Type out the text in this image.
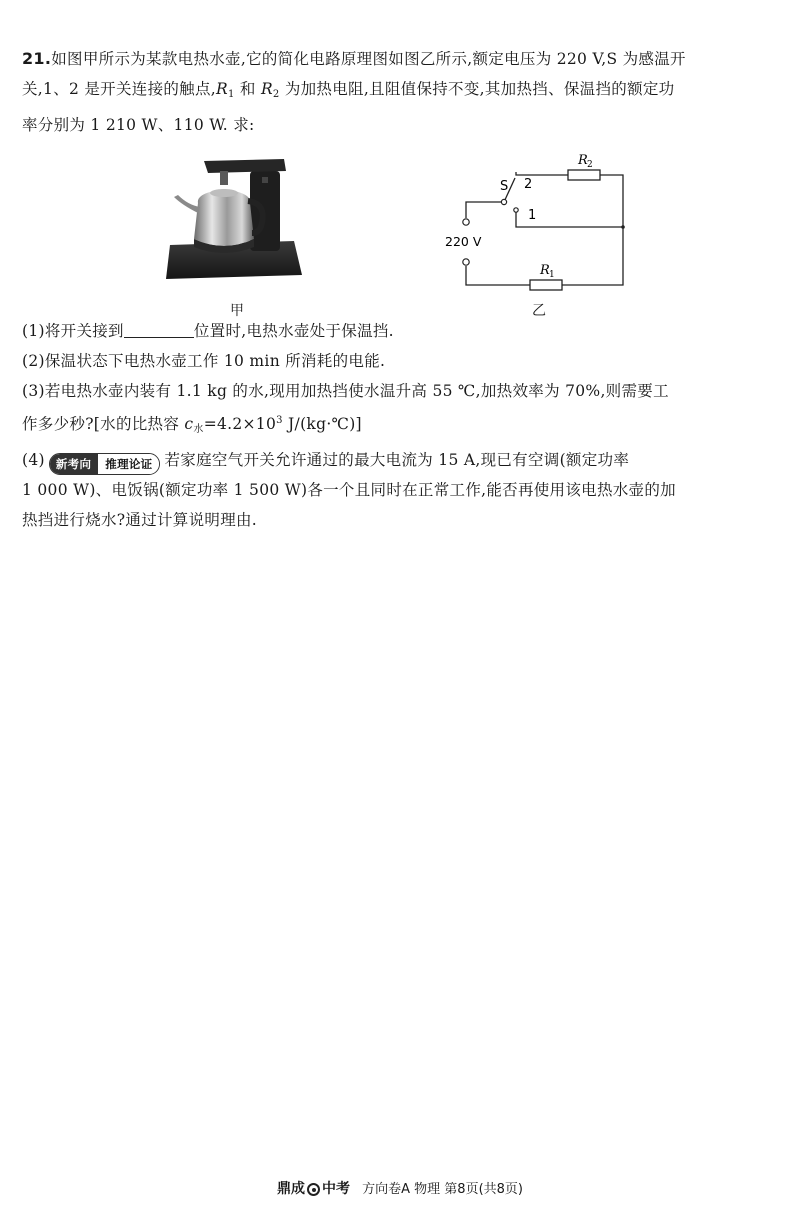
21.如图甲所示为某款电热水壶,它的简化电路原理图如图乙所示,额定电压为 220 V,S 为感温开
关,1、2 是开关连接的触点,R1 和 R2 为加热电阻,且阻值保持不变,其加热挡、保温挡的额定功
率分别为 1 210 W、110 W. 求:
(1)将开关接到	位置时,电热水壶处于保温挡.
(2)保温状态下电热水壶工作 10 min 所消耗的电能.
(3)若电热水壶内装有 1.1 kg 的水,现用加热挡使水温升高 55 ℃,加热效率为 70%,则需要工
作多少秒?[水的比热容 c水$=4.2\times 10^3$ J/(kg·℃)]
(4) 新考向	推理论证 若家庭空气开关允许通过的最大电流为 15 A,现已有空调(额定功率
1 000 W)、电饭锅(额定功率 1 500 W)各一个且同时在正常工作,能否再使用该电热水壶的加
热挡进行烧水?通过计算说明理由.
甲
S 2
1
220 V
R 2
R 1
乙
鼎成 中考 方向卷A 物理 第8页(共8页)
